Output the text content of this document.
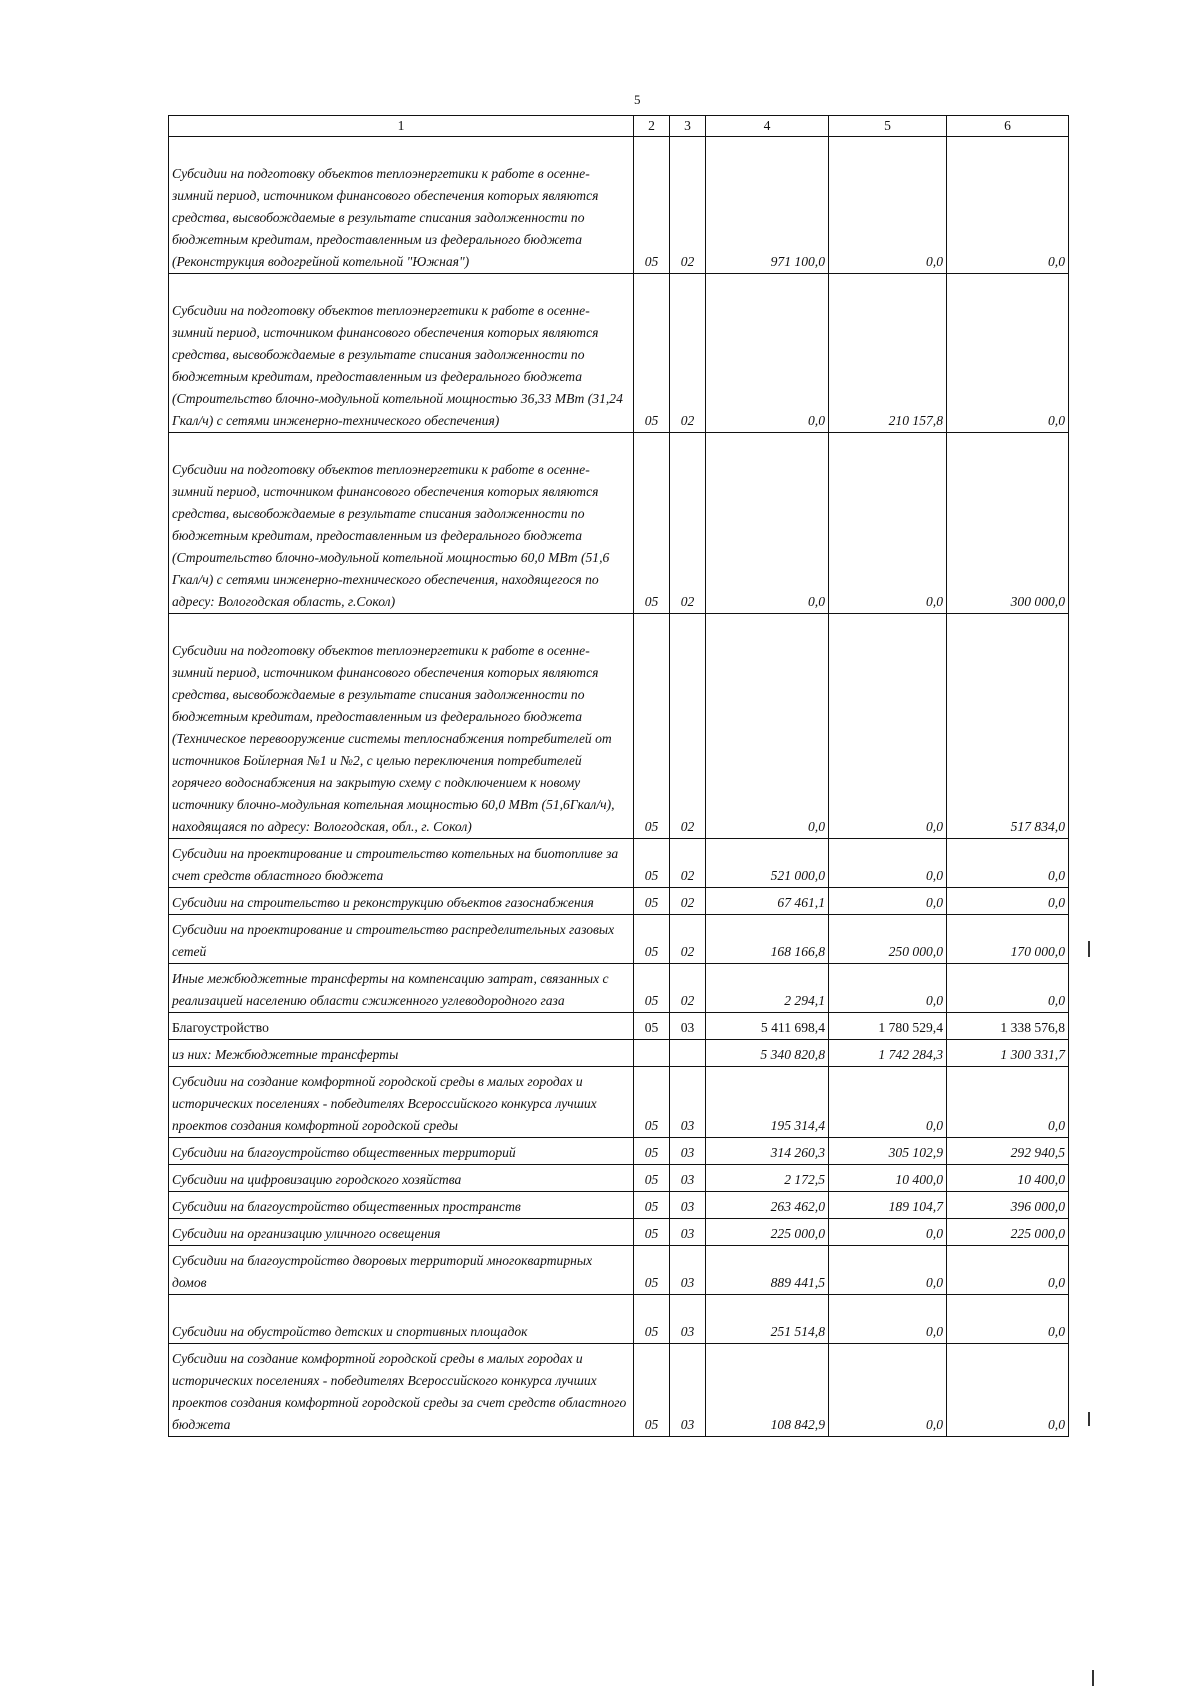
5
1	2	3	4	5	6

Субсидии на подготовку объектов теплоэнергетики к работе в осенне-зимний период, источником финансового обеспечения которых являются средства, высвобождаемые в результате списания задолженности по бюджетным кредитам, предоставленным из федерального бюджета (Реконструкция водогрейной котельной "Южная")	05	02	971 100,0	0,0	0,0

Субсидии на подготовку объектов теплоэнергетики к работе в осенне-зимний период, источником финансового обеспечения которых являются средства, высвобождаемые в результате списания задолженности по бюджетным кредитам, предоставленным из федерального бюджета (Строительство блочно-модульной котельной мощностью 36,33 МВт (31,24 Гкал/ч) с сетями инженерно-технического обеспечения)	05	02	0,0	210 157,8	0,0

Субсидии на подготовку объектов теплоэнергетики к работе в осенне-зимний период, источником финансового обеспечения которых являются средства, высвобождаемые в результате списания задолженности по бюджетным кредитам, предоставленным из федерального бюджета (Строительство блочно-модульной котельной мощностью 60,0 МВт (51,6 Гкал/ч) с сетями инженерно-технического обеспечения, находящегося по адресу: Вологодская область, г.Сокол)	05	02	0,0	0,0	300 000,0

Субсидии на подготовку объектов теплоэнергетики к работе в осенне-зимний период, источником финансового обеспечения которых являются средства, высвобождаемые в результате списания задолженности по бюджетным кредитам, предоставленным из федерального бюджета (Техническое перевооружение системы теплоснабжения потребителей от источников Бойлерная №1 и №2, с целью переключения потребителей горячего водоснабжения на закрытую схему с подключением к новому источнику блочно-модульная котельная мощностью 60,0 МВт (51,6Гкал/ч), находящаяся по адресу: Вологодская, обл., г. Сокол)	05	02	0,0	0,0	517 834,0
Субсидии на проектирование и строительство котельных на биотопливе за счет средств областного бюджета	05	02	521 000,0	0,0	0,0
Субсидии на строительство и реконструкцию объектов газоснабжения	05	02	67 461,1	0,0	0,0
Субсидии на проектирование и строительство распределительных газовых сетей	05	02	168 166,8	250 000,0	170 000,0
Иные межбюджетные трансферты на компенсацию затрат, связанных с реализацией населению области сжиженного углеводородного газа	05	02	2 294,1	0,0	0,0
Благоустройство	05	03	5 411 698,4	1 780 529,4	1 338 576,8
из них: Межбюджетные трансферты			5 340 820,8	1 742 284,3	1 300 331,7
Субсидии на создание комфортной городской среды в малых городах и исторических поселениях - победителях Всероссийского конкурса лучших проектов создания комфортной городской среды	05	03	195 314,4	0,0	0,0
Субсидии на благоустройство общественных территорий	05	03	314 260,3	305 102,9	292 940,5
Субсидии на цифровизацию городского хозяйства	05	03	2 172,5	10 400,0	10 400,0
Субсидии на благоустройство общественных пространств	05	03	263 462,0	189 104,7	396 000,0
Субсидии на организацию уличного освещения	05	03	225 000,0	0,0	225 000,0
Субсидии на благоустройство дворовых территорий многоквартирных домов	05	03	889 441,5	0,0	0,0

Субсидии на обустройство детских и спортивных площадок	05	03	251 514,8	0,0	0,0
Субсидии на создание комфортной городской среды в малых городах и исторических поселениях - победителях Всероссийского конкурса лучших проектов создания комфортной городской среды за счет средств областного бюджета	05	03	108 842,9	0,0	0,0
